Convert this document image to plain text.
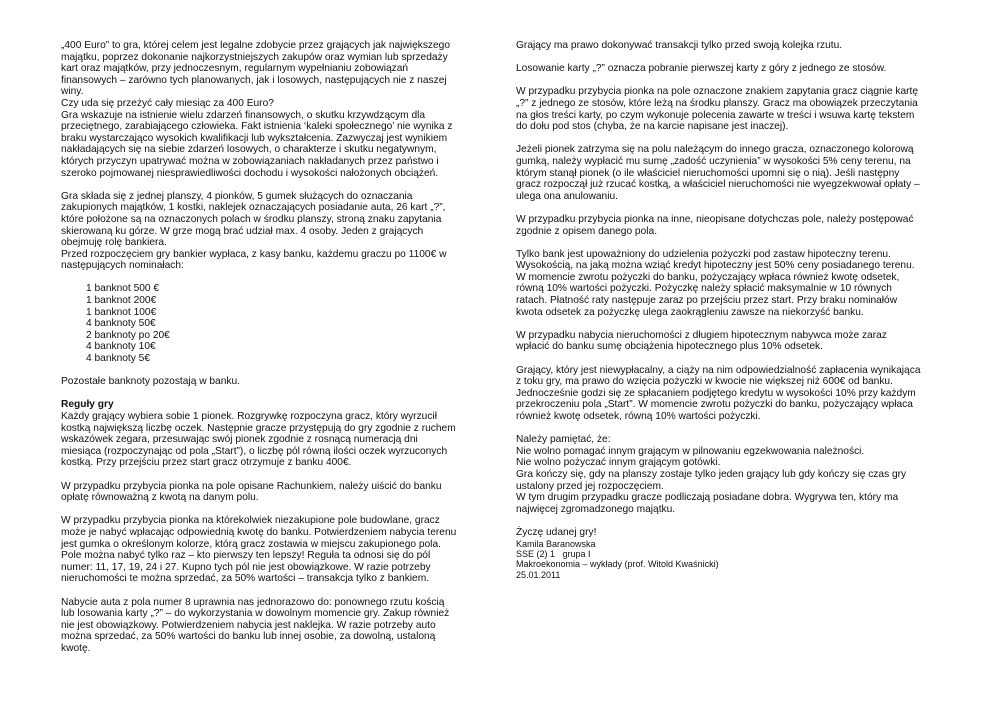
„400 Euro” to gra, której celem jest legalne zdobycie przez grających jak największego majątku, poprzez dokonanie najkorzystniejszych zakupów oraz wymian lub sprzedaży kart oraz majątków, przy jednoczesnym, regularnym wypełnianiu zobowiązań finansowych – zarówno tych planowanych, jak i losowych, następujących nie z naszej winy.
Czy uda się przeżyć cały miesiąc za 400 Euro?
Gra wskazuje na istnienie wielu zdarzeń finansowych, o skutku krzywdzącym dla przeciętnego, zarabiającego człowieka. Fakt istnienia ‘kaleki społecznego’ nie wynika z braku wystarczająco wysokich kwalifikacji lub wykształcenia. Zazwyczaj jest wynikiem nakładających się na siebie zdarzeń losowych, o charakterze i skutku negatywnym, których przyczyn upatrywać można w zobowiązaniach nakładanych przez państwo i szeroko pojmowanej niesprawiedliwości dochodu i wysokości nałożonych obciążeń.

Gra składa się z jednej planszy, 4 pionków, 5 gumek służących do oznaczania zakupionych majątków, 1 kostki, naklejek oznaczających posiadanie auta, 26 kart „?”, które położone są na oznaczonych polach w środku planszy, stroną znaku zapytania skierowaną ku górze. W grze mogą brać udział max. 4 osoby. Jeden z grających obejmuję rolę bankiera.
Przed rozpoczęciem gry bankier wypłaca, z kasy banku, każdemu graczu po 1100€ w następujących nominałach:

1 banknot 500 €
1 banknot 200€
1 banknot 100€
4 banknoty 50€
2 banknoty po 20€
4 banknoty 10€
4 banknoty 5€

Pozostałe banknoty pozostają w banku.

Reguły gry

Każdy grający wybiera sobie 1 pionek. Rozgrywkę rozpoczyna gracz, który wyrzucił kostką największą liczbę oczek. Następnie gracze przystępują do gry zgodnie z ruchem wskazówek zegara, przesuwając swój pionek zgodnie z rosnącą numeracją dni miesiąca (rozpoczynając od pola „Start”), o liczbę pól równą ilości oczek wyrzuconych kostką. Przy przejściu przez start gracz otrzymuje z banku 400€.

W przypadku przybycia pionka na pole opisane Rachunkiem, należy uiścić do banku opłatę równoważną z kwotą na danym polu.

W przypadku przybycia pionka na którekolwiek niezakupione pole budowlane, gracz może je nabyć wpłacając odpowiednią kwotę do banku. Potwierdzeniem nabycia terenu jest gumka o określonym kolorze, którą gracz zostawia w miejscu zakupionego pola. Pole można nabyć tylko raz – kto pierwszy ten lepszy! Reguła ta odnosi się do pól numer: 11, 17, 19, 24 i 27. Kupno tych pól nie jest obowiązkowe. W razie potrzeby nieruchomości te można sprzedać, za 50% wartości – transakcja tylko z bankiem.

Nabycie auta z pola numer 8 uprawnia nas jednorazowo do: ponownego rzutu kością lub losowania karty „?” – do wykorzystania w dowolnym momencie gry. Zakup również nie jest obowiązkowy. Potwierdzeniem nabycia jest naklejka. W razie potrzeby auto można sprzedać, za 50% wartości do banku lub innej osobie, za dowolną, ustaloną kwotę.

Grający ma prawo dokonywać transakcji tylko przed swoją kolejka rzutu.

Losowanie karty „?” oznacza pobranie pierwszej karty z góry z jednego ze stosów.

W przypadku przybycia pionka na pole oznaczone znakiem zapytania gracz ciągnie kartę „?” z jednego ze stosów, które leżą na środku planszy. Gracz ma obowiązek przeczytania na głos treści karty, po czym wykonuje polecenia zawarte w treści i wsuwa kartę tekstem do dołu pod stos (chyba, że na karcie napisane jest inaczej).

Jeżeli pionek zatrzyma się na polu należącym do innego gracza, oznaczonego kolorową gumką, należy wypłacić mu sumę „zadość uczynienia” w wysokości 5% ceny terenu, na którym stanął pionek (o ile właściciel nieruchomości upomni się o nią). Jeśli następny gracz rozpoczął już rzucać kostką, a właściciel nieruchomości nie wyegzekwował opłaty – ulega ona anulowaniu.

W przypadku przybycia pionka na inne, nieopisane dotychczas pole, należy postępować zgodnie z opisem danego pola.

Tylko bank jest upoważniony do udzielenia pożyczki pod zastaw hipoteczny terenu. Wysokością, na jaką można wziąć kredyt hipoteczny jest 50% ceny posiadanego terenu. W momencie zwrotu pożyczki do banku, pożyczający wpłaca również kwotę odsetek, równą 10% wartości pożyczki. Pożyczkę należy spłacić maksymalnie w 10 równych ratach. Płatność raty następuje zaraz po przejściu przez start. Przy braku nominałów kwota odsetek za pożyczkę ulega zaokrągleniu zawsze na niekorzyść banku.

W przypadku nabycia nieruchomości z długiem hipotecznym nabywca może zaraz wpłacić do banku sumę obciążenia hipotecznego plus 10% odsetek.

Grający, który jest niewypłacalny, a ciąży na nim odpowiedzialność zapłacenia wynikająca z toku gry, ma prawo do wzięcia pożyczki w kwocie nie większej niż 600€ od banku. Jednocześnie godzi się ze spłacaniem podjętego kredytu w wysokości 10% przy każdym przekroczeniu pola „Start”. W momencie zwrotu pożyczki do banku, pożyczający wpłaca również kwotę odsetek, równą 10% wartości pożyczki.

Należy pamiętać, że:
Nie wolno pomagać innym grającym w pilnowaniu egzekwowania należności.
Nie wolno pożyczać innym grającym gotówki.
Gra kończy się, gdy na planszy zostaje tylko jeden grający lub gdy kończy się czas gry ustalony przed jej rozpoczęciem.
W tym drugim przypadku gracze podliczają posiadane dobra. Wygrywa ten, który ma najwięcej zgromadzonego majątku.

Życzę udanej gry!
Kamila Baranowska
SSE (2) 1   grupa I
Makroekonomia – wykłady (prof. Witold Kwaśnicki)
25.01.2011
